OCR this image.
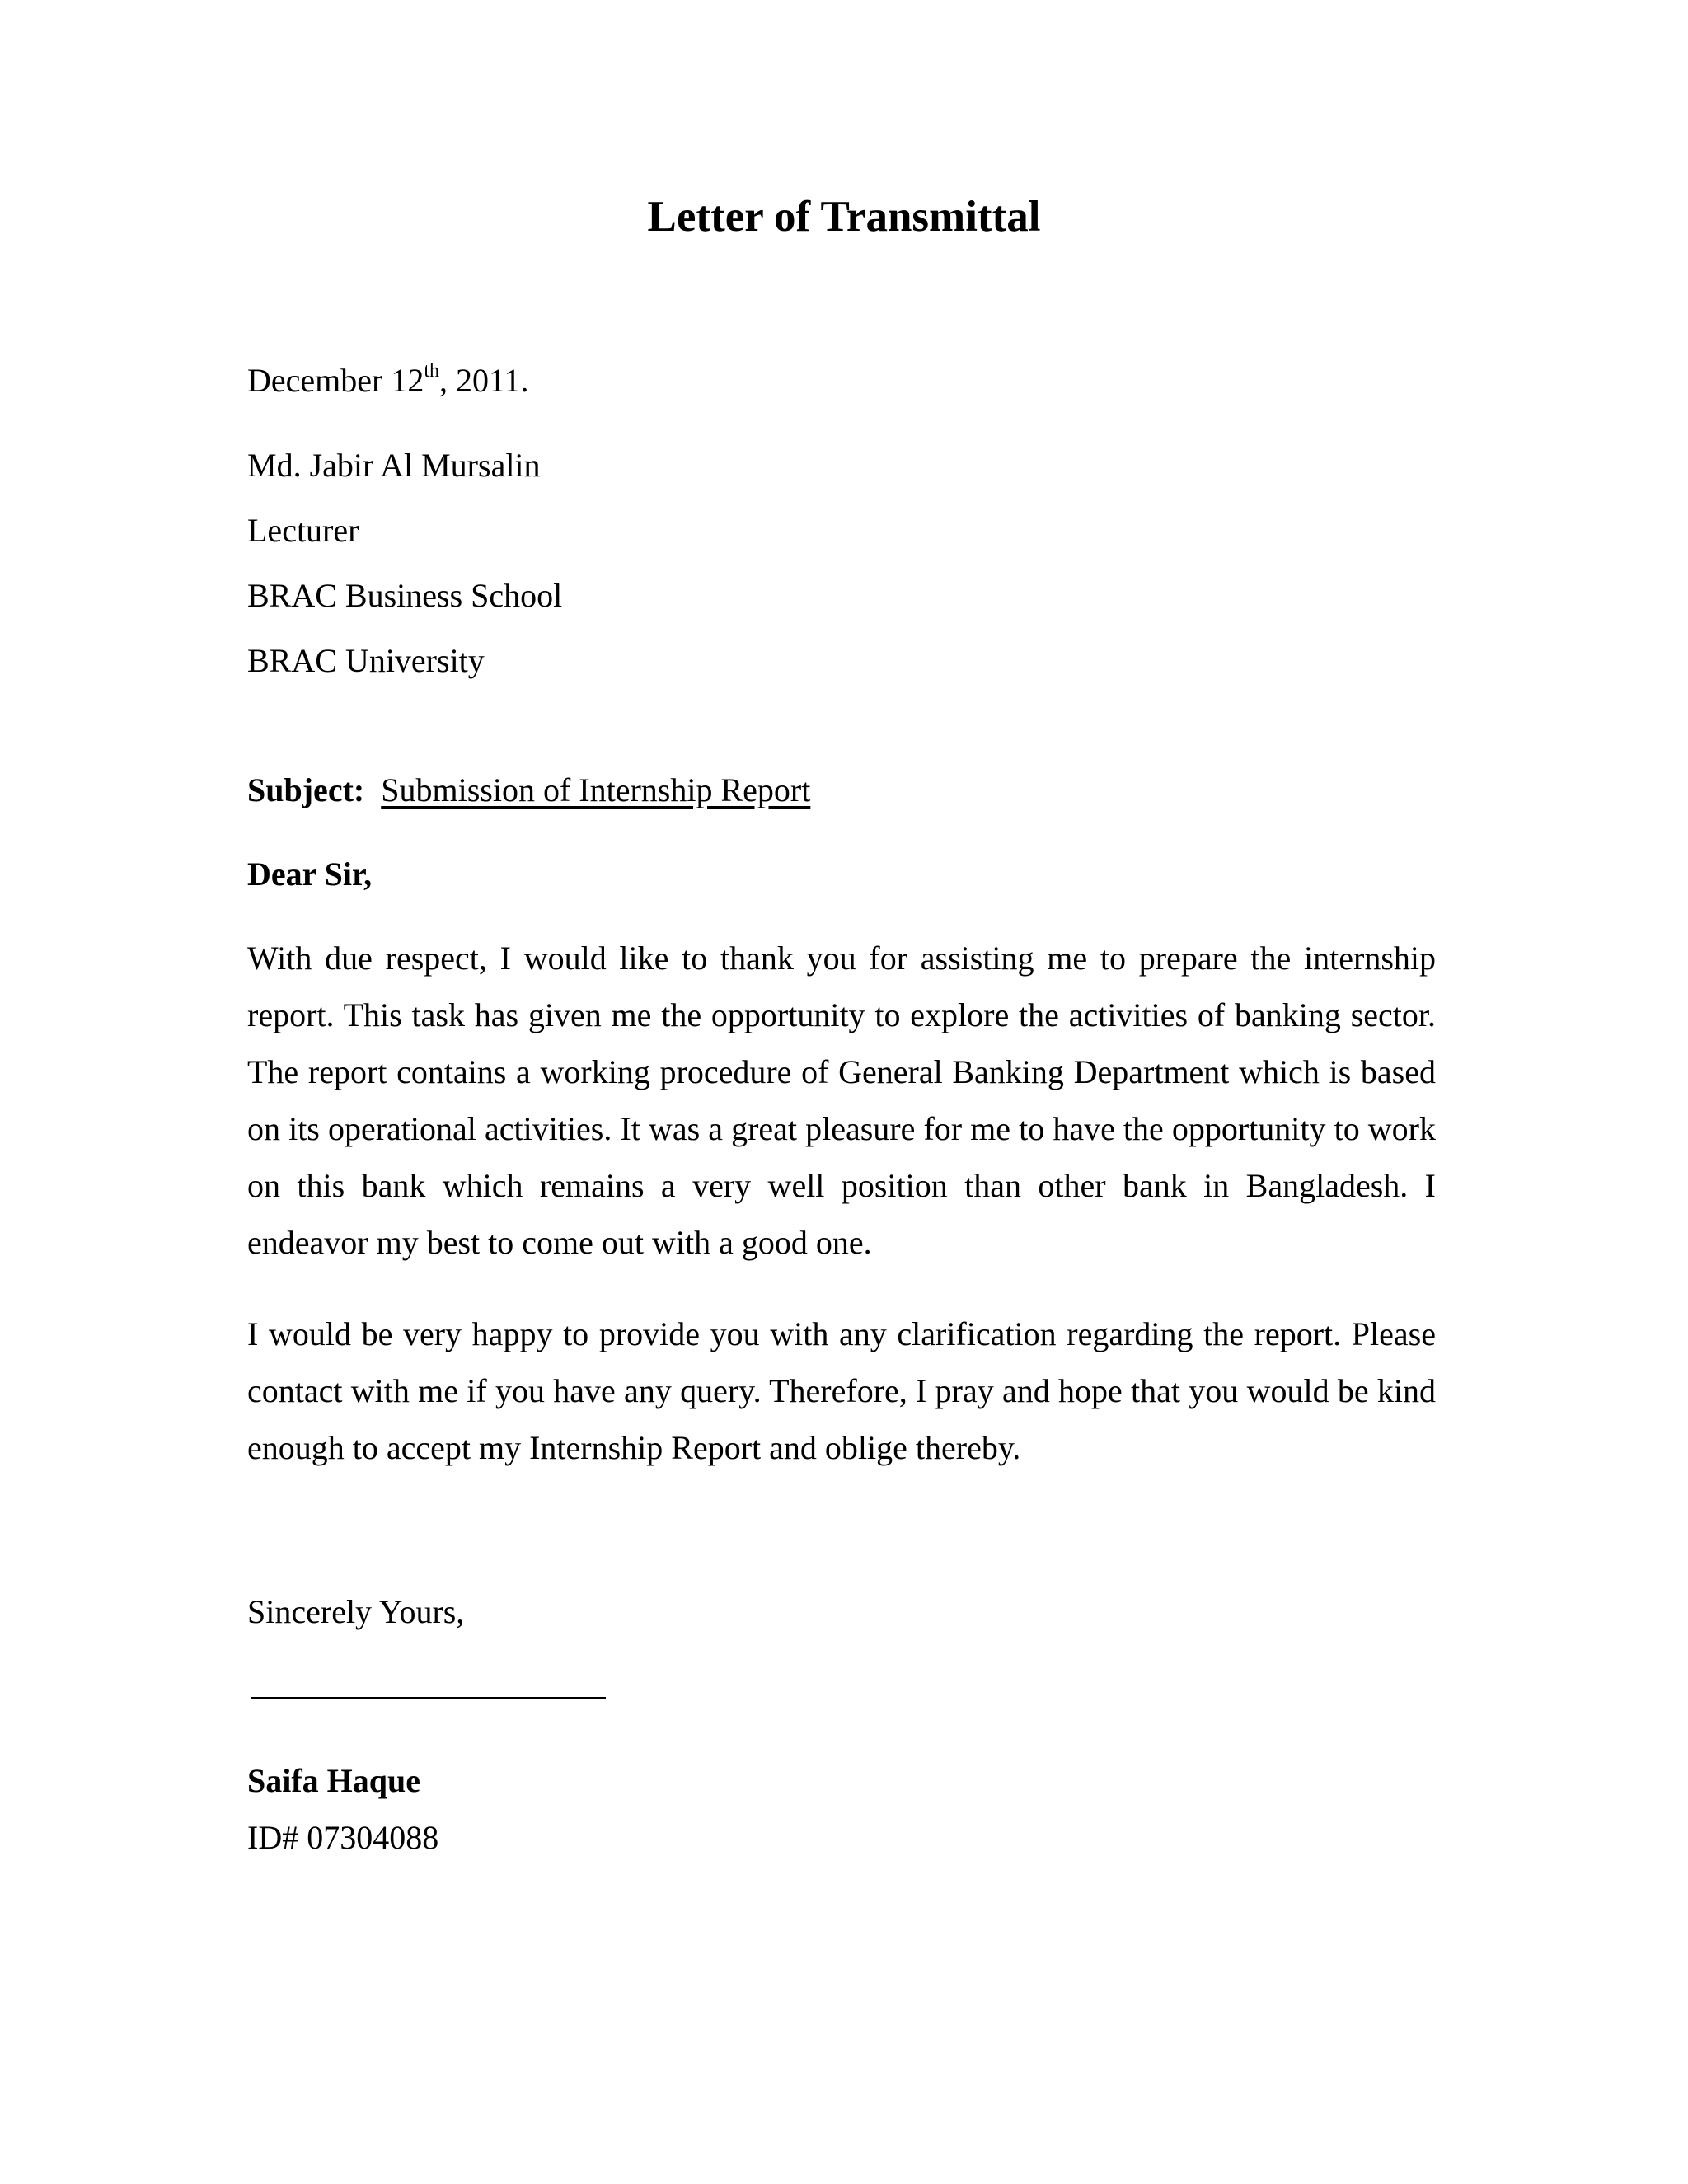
Letter of Transmittal

December 12th, 2011.

Md. Jabir Al Mursalin

Lecturer

BRAC Business School

BRAC University

Subject: Submission of Internship Report

Dear Sir,

With due respect, I would like to thank you for assisting me to prepare the internship report. This task has given me the opportunity to explore the activities of banking sector. The report contains a working procedure of General Banking Department which is based on its operational activities. It was a great pleasure for me to have the opportunity to work on this bank which remains a very well position than other bank in Bangladesh. I endeavor my best to come out with a good one.

I would be very happy to provide you with any clarification regarding the report. Please contact with me if you have any query. Therefore, I pray and hope that you would be kind enough to accept my Internship Report and oblige thereby.

Sincerely Yours,

Saifa Haque

ID# 07304088
